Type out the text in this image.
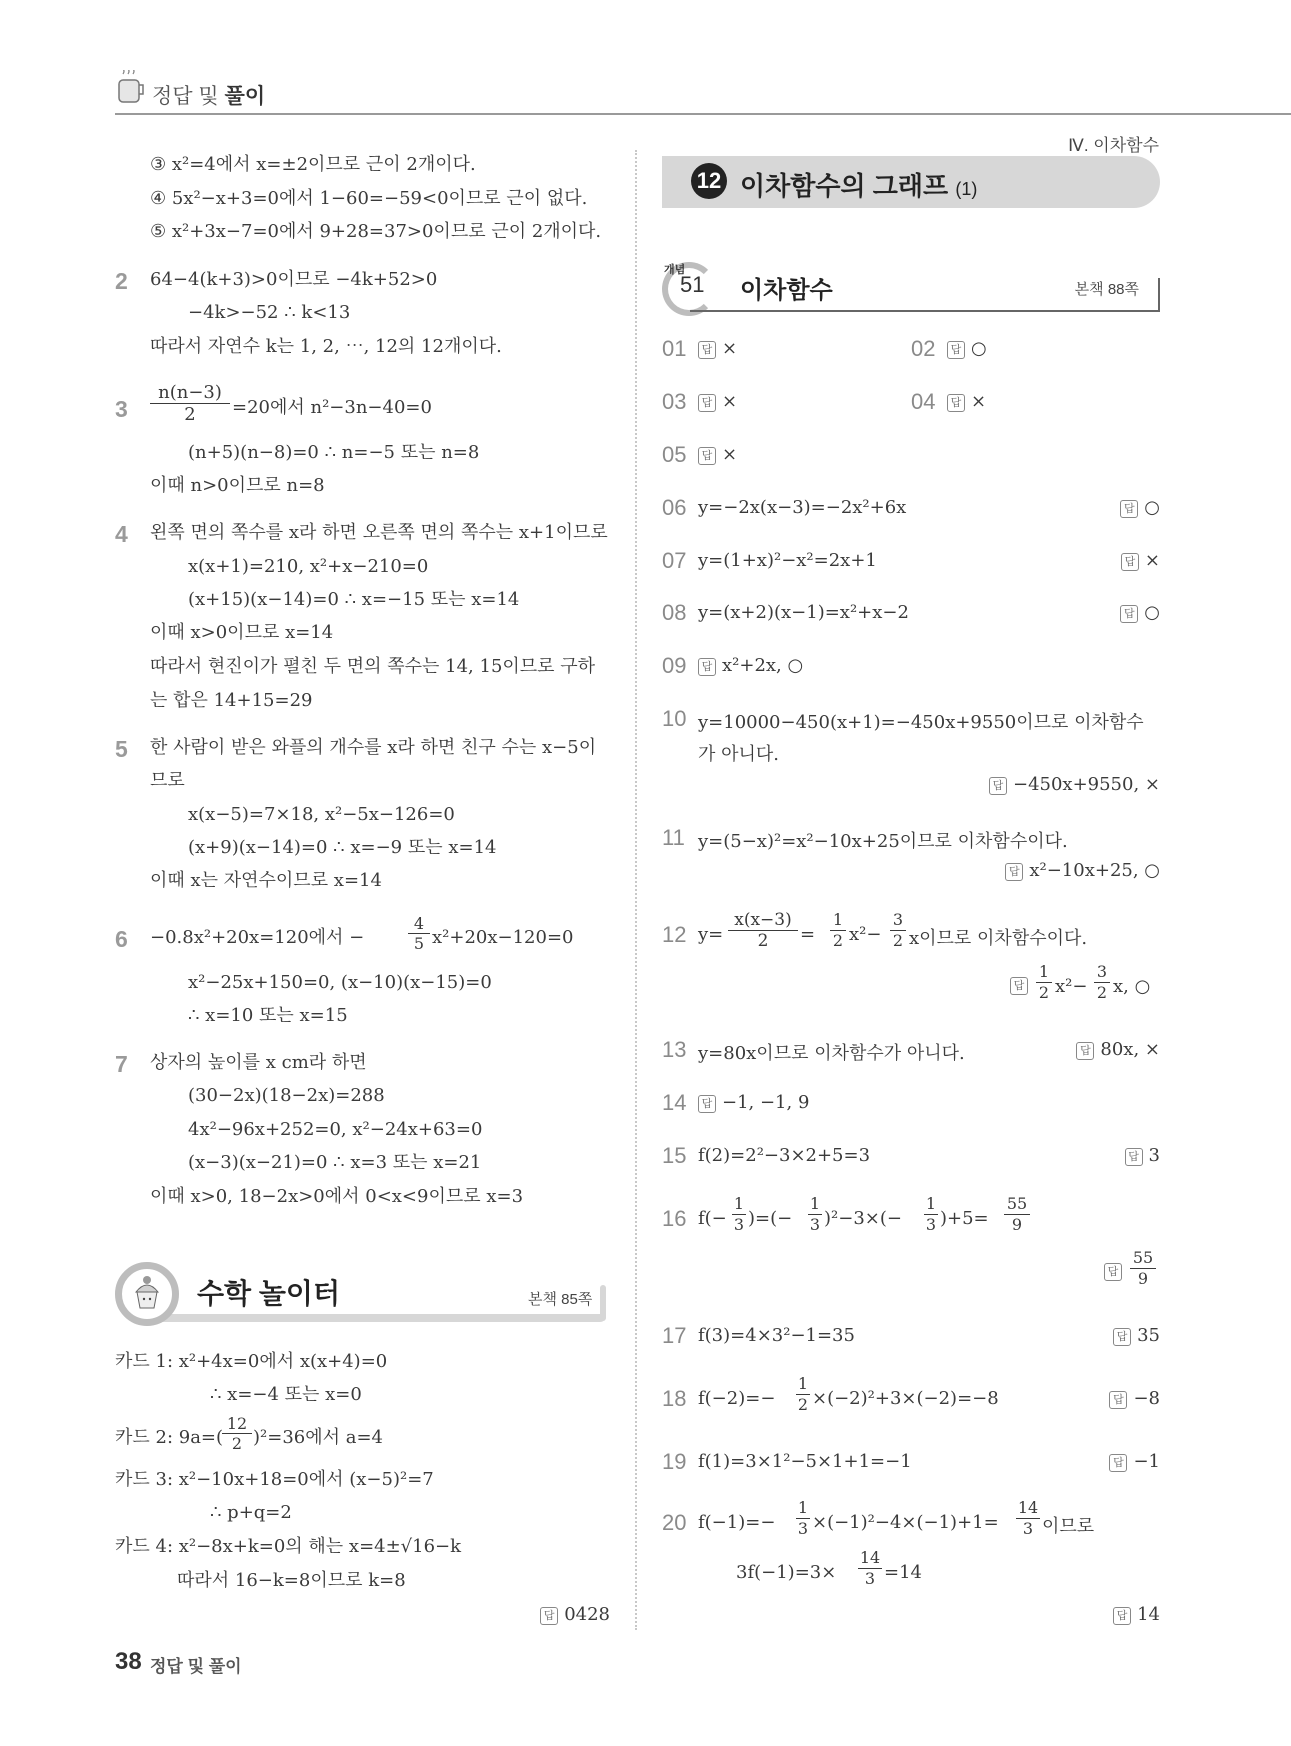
정답 및 풀이
Ⅳ. 이차함수
③ x²=4에서 x=±2이므로 근이 2개이다.
④ 5x²−x+3=0에서 1−60=−59<0이므로 근이 없다.
⑤ x²+3x−7=0에서 9+28=37>0이므로 근이 2개이다.
2 64−4(k+3)>0이므로 −4k+52>0
−4k>−52 ∴ k<13
따라서 자연수 k는 1, 2, ⋯, 12의 12개이다.
$3 \frac{n(n-3)}{2} =20$에서 n²−3n−40=0
(n+5)(n−8)=0 ∴ n=−5 또는 n=8
이때 n>0이므로 n=8
4 왼쪽 면의 쪽수를 x라 하면 오른쪽 면의 쪽수는 x+1이므로
x(x+1)=210, x²+x−210=0
(x+15)(x−14)=0 ∴ x=−15 또는 x=14
이때 x>0이므로 x=14
따라서 현진이가 펼친 두 면의 쪽수는 14, 15이므로 구하
는 합은 14+15=29
5 한 사람이 받은 와플의 개수를 x라 하면 친구 수는 x−5이
므로
x(x−5)=7×18, x²−5x−126=0
(x+9)(x−14)=0 ∴ x=−9 또는 x=14
이때 x는 자연수이므로 x=14
6 −0.8x²+20x=120에서 −	$\frac{4}{5} x^2+20x-120=0$
x²−25x+150=0, (x−10)(x−15)=0
∴ x=10 또는 x=15
7 상자의 높이를 x cm라 하면
(30−2x)(18−2x)=288
4x²−96x+252=0, x²−24x+63=0
(x−3)(x−21)=0 ∴ x=3 또는 x=21
이때 x>0, 18−2x>0에서 0<x<9이므로 x=3
수학 놀이터	본책 85쪽
카드 1: x²+4x=0에서 x(x+4)=0
∴ x=−4 또는 x=0
카드 2: 9a=(
$\frac{12}{2} )^2=36$에서 a=4
카드 3: x²−10x+18=0에서 (x−5)²=7
∴ p+q=2
카드 4: x²−8x+k=0의 해는 x=4±√16−k
따라서 16−k=8이므로 k=8
답 0428
12 이차함수의 그래프 (1)
개념
51 이차함수	본책 88쪽
01	답 ×	02	답 ○
03	답 ×	04	답 ×
05	답 ×
06 y=−2x(x−3)=−2x²+6x	답 ○
07 y=(1+x)²−x²=2x+1	답 ×
08 y=(x+2)(x−1)=x²+x−2	답 ○
09	답 x²+2x, ○
10 y=10000−450(x+1)=−450x+9550이므로 이차함수
가 아니다.
답 −450x+9550, ×
11 y=(5−x)²=x²−10x+25이므로 이차함수이다.
답 x²−10x+25, ○
12 $y= \frac{x(x-3)}{2} = \frac{1}{2} x^2- \frac{3}{2}$ x이므로 이차함수이다.
답 $\frac{1}{2} x^2- \frac{3}{2} x$, ○
13 y=80x이므로 이차함수가 아니다.	답 80x, ×
14	답 −1, −1, 9
15 f(2)=2²−3×2+5=3	답 3
16 $f(- \frac{1}{3}$ )=(− $\frac{1}{3} )^2-3\times(- \frac{1}{3} )+5= \frac{55}{9}$
답 $\frac{55}{9}$
17 f(3)=4×3²−1=35	답 35
18 $f(-2)=- \frac{1}{2} \times(-2)^2+3\times(-2)=-8$	답 −8
19 f(1)=3×1²−5×1+1=−1	답 −1
20 $f(-1)=- \frac{1}{3} \times(-1)^2-4\times(-1)+1= \frac{14}{3}$ 이므로
$3f(-1)=3\times \frac{14}{3} =14$
답 14
38 정답 및 풀이
